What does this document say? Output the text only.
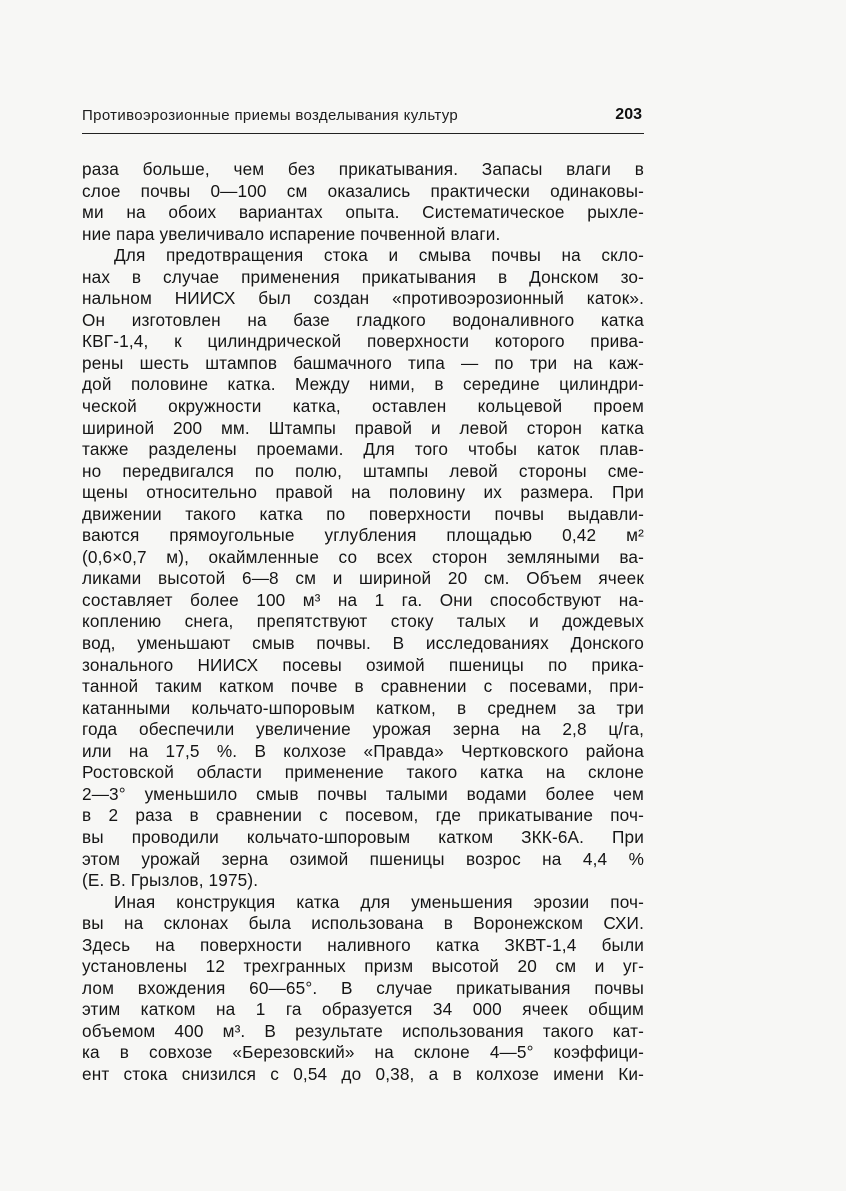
Противоэрозионные приемы возделывания культур	203
раза больше, чем без прикатывания. Запасы влаги в
слое почвы 0—100 см оказались практически одинаковы-
ми на обоих вариантах опыта. Систематическое рыхле-
ние пара увеличивало испарение почвенной влаги.
Для предотвращения стока и смыва почвы на скло-
нах в случае применения прикатывания в Донском зо-
нальном НИИСХ был создан «противоэрозионный каток».
Он изготовлен на базе гладкого водоналивного катка
КВГ-1,4, к цилиндрической поверхности которого прива-
рены шесть штампов башмачного типа — по три на каж-
дой половине катка. Между ними, в середине цилиндри-
ческой окружности катка, оставлен кольцевой проем
шириной 200 мм. Штампы правой и левой сторон катка
также разделены проемами. Для того чтобы каток плав-
но передвигался по полю, штампы левой стороны сме-
щены относительно правой на половину их размера. При
движении такого катка по поверхности почвы выдавли-
ваются прямоугольные углубления площадью 0,42 м²
(0,6×0,7 м), окаймленные со всех сторон земляными ва-
ликами высотой 6—8 см и шириной 20 см. Объем ячеек
составляет более 100 м³ на 1 га. Они способствуют на-
коплению снега, препятствуют стоку талых и дождевых
вод, уменьшают смыв почвы. В исследованиях Донского
зонального НИИСХ посевы озимой пшеницы по прика-
танной таким катком почве в сравнении с посевами, при-
катанными кольчато-шпоровым катком, в среднем за три
года обеспечили увеличение урожая зерна на 2,8 ц/га,
или на 17,5 %. В колхозе «Правда» Чертковского района
Ростовской области применение такого катка на склоне
2—3° уменьшило смыв почвы талыми водами более чем
в 2 раза в сравнении с посевом, где прикатывание поч-
вы проводили кольчато-шпоровым катком ЗКК-6А. При
этом урожай зерна озимой пшеницы возрос на 4,4 %
(Е. В. Грызлов, 1975).
Иная конструкция катка для уменьшения эрозии поч-
вы на склонах была использована в Воронежском СХИ.
Здесь на поверхности наливного катка ЗКВТ-1,4 были
установлены 12 трехгранных призм высотой 20 см и уг-
лом вхождения 60—65°. В случае прикатывания почвы
этим катком на 1 га образуется 34 000 ячеек общим
объемом 400 м³. В результате использования такого кат-
ка в совхозе «Березовский» на склоне 4—5° коэффици-
ент стока снизился с 0,54 до 0,38, а в колхозе имени Ки-
